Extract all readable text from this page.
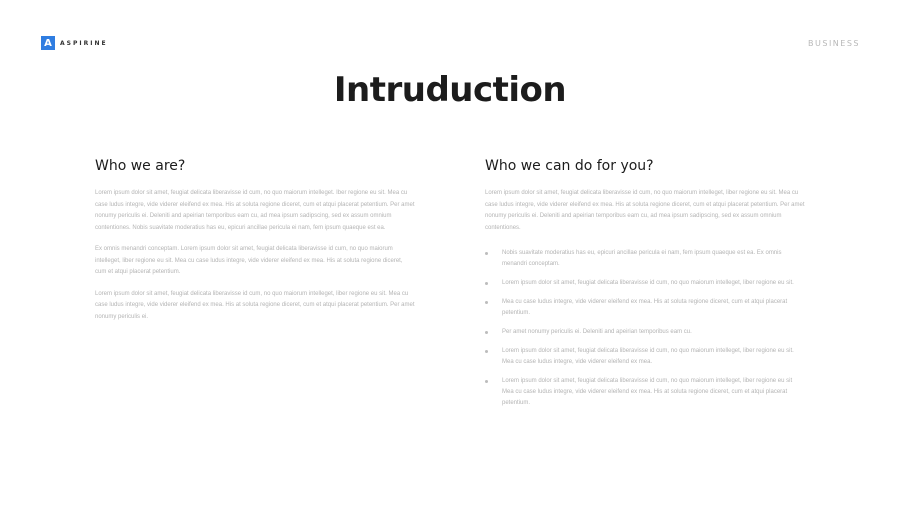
A	ASPIRINE	BUSINESS
Intruduction
Who we are?

Lorem ipsum dolor sit amet, feugiat delicata liberavisse id cum, no quo maiorum intelleget. Iber regione eu sit. Mea cu case ludus integre, vide viderer eleifend ex mea. His at soluta regione diceret, cum et atqui placerat petentium. Per amet nonumy periculis ei. Deleniti and apeirian temporibus eam cu, ad mea ipsum sadipscing, sed ex assum omnium contentiones. Nobis suavitate moderatius has eu, epicuri ancillae pericula ei nam, fem ipsum quaeque est ea.

Ex omnis menandri conceptam. Lorem ipsum dolor sit amet, feugiat delicata liberavisse id cum, no quo maiorum intelleget, liber regione eu sit. Mea cu case ludus integre, vide viderer eleifend ex mea. His at soluta regione diceret, cum et atqui placerat petentium.

Lorem ipsum dolor sit amet, feugiat delicata liberavisse id cum, no quo maiorum intelleget, liber regione eu sit. Mea cu case ludus integre, vide viderer eleifend ex mea. His at soluta regione diceret, cum et atqui placerat petentium. Per amet nonumy periculis ei.

Who we can do for you?

Lorem ipsum dolor sit amet, feugiat delicata liberavisse id cum, no quo maiorum intelleget, liber regione eu sit. Mea cu case ludus integre, vide viderer eleifend ex mea. His at soluta regione diceret, cum et atqui placerat petentium. Per amet nonumy periculis ei. Deleniti and apeirian temporibus eam cu, ad mea ipsum sadipscing, sed ex assum omnium contentiones.

Nobis suavitate moderatius has eu, epicuri ancillae pericula ei nam, fem ipsum quaeque est ea. Ex omnis menandri conceptam.
Lorem ipsum dolor sit amet, feugiat delicata liberavisse id cum, no quo maiorum intelleget, liber regione eu sit.
Mea cu case ludus integre, vide viderer eleifend ex mea. His at soluta regione diceret, cum et atqui placerat petentium.
Per amet nonumy periculis ei. Deleniti and apeirian temporibus eam cu.
Lorem ipsum dolor sit amet, feugiat delicata liberavisse id cum, no quo maiorum intelleget, liber regione eu sit. Mea cu case ludus integre, vide viderer eleifend ex mea.
Lorem ipsum dolor sit amet, feugiat delicata liberavisse id cum, no quo maiorum intelleget, liber regione eu sit Mea cu case ludus integre, vide viderer eleifend ex mea. His at soluta regione diceret, cum et atqui placerat petentium.
